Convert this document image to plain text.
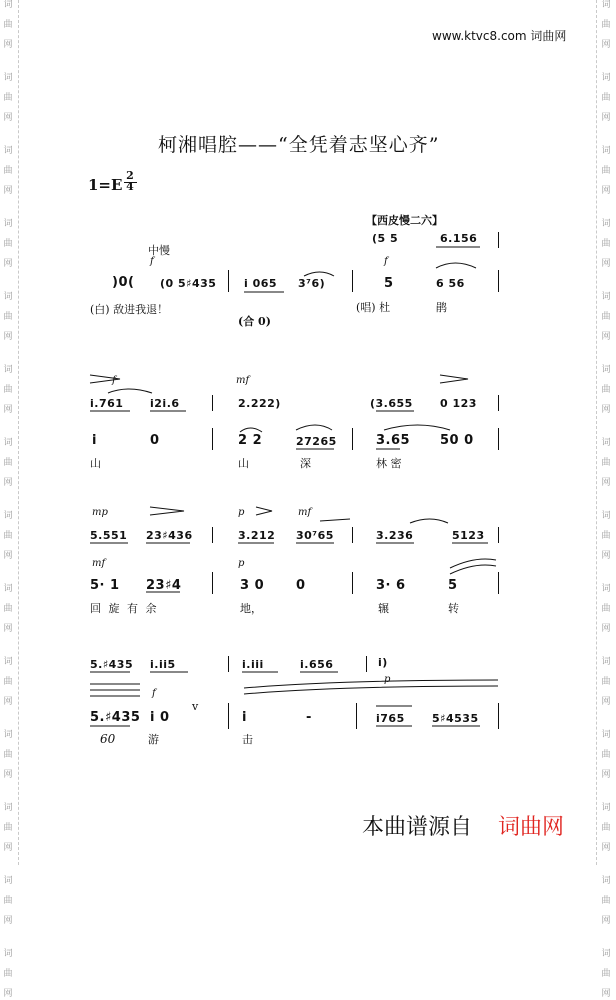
词
曲
网
词
曲
网
词
曲
网
词
曲
网
词
曲
网
词
曲
网
词
曲
网
词
曲
网
词
曲
网
词
曲
网
词
曲
网
词
曲
网
词
曲
网
词
曲
网
词
曲
网
词
曲
网
词
曲
网
词
曲
网
词
曲
网
词
曲
网
词
曲
网
词
曲
网
词
曲
网
词
曲
网
词
曲
网
词
曲
网
词
曲
网
词
曲
网
www.ktvc8.com 词曲网
柯湘唱腔——“全凭着志坚心齐”
1=E
2
4
【西皮慢二六】
中慢
f
(5 5	6.156
f
)0( (0 5♯435	i 065 3⁷6)	5	6 56
(白) 敌进我退！
(合 0)
(唱) 杜	鹃
f	mf
i.761 i2i.6	2.222)	(3.655 0 123
i	0	2 2	27265	3.65 50 0
山	山	深	林 密
mp	p	mf
5.551 23♯436	3.212 30⁷65	3.236	5123
mf	p
5· 1 23♯4	3 0 0	3· 6	5
回 旋 有 余	地，	辗	转
5.♯435 i.ii5	i.iii	i.656	i)
f
p
5.♯435 i 0
v
i	-	i765 5♯4535
游	击
60
本曲谱源自 词曲网
